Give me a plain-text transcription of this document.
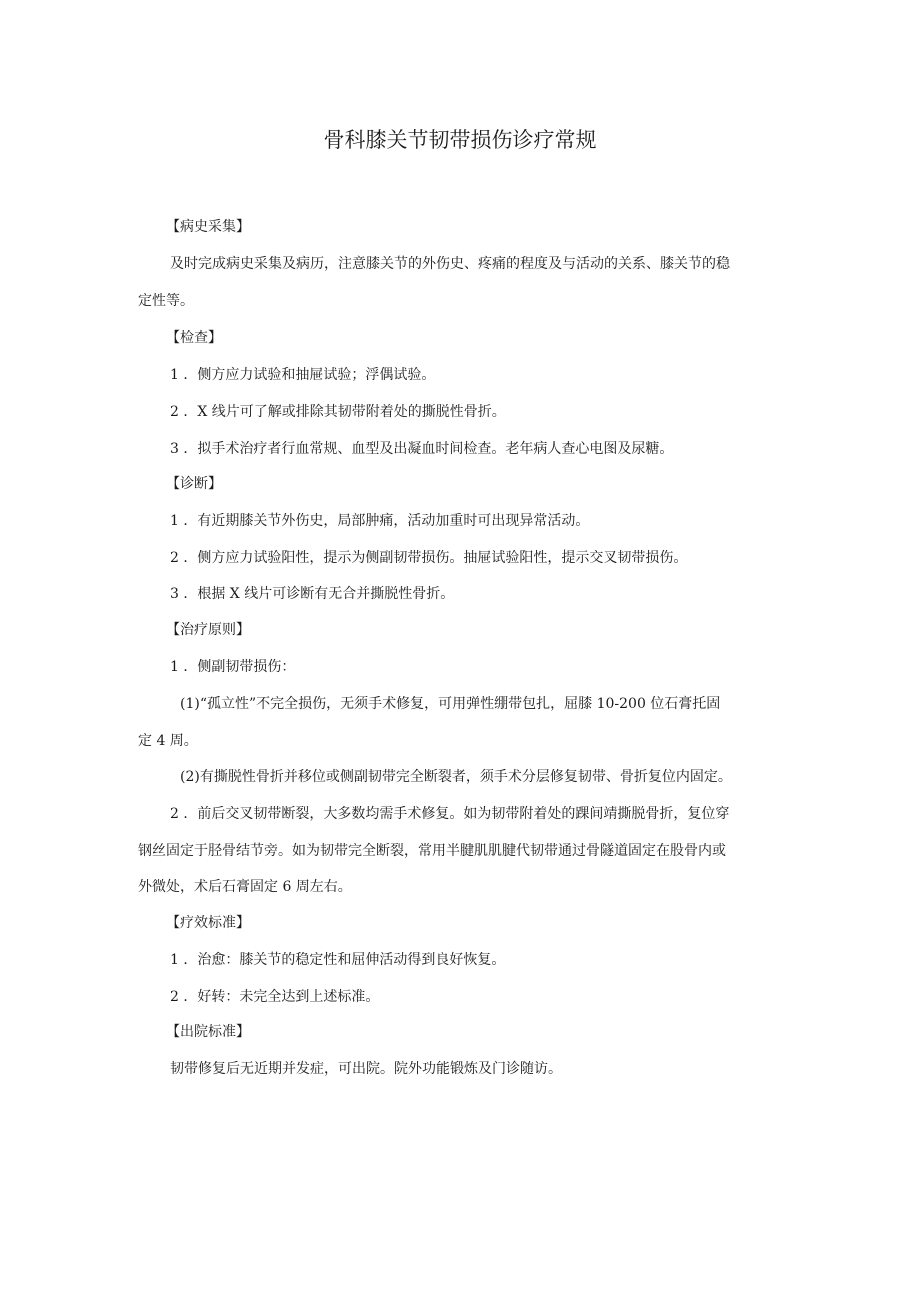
骨科膝关节韧带损伤诊疗常规
【病史采集】
及时完成病史采集及病历，注意膝关节的外伤史、疼痛的程度及与活动的关系、膝关节的稳
定性等。
【检查】
1 ．侧方应力试验和抽屉试验；浮偶试验。
2 ．X 线片可了解或排除其韧带附着处的撕脱性骨折。
3 ．拟手术治疗者行血常规、血型及出凝血时间检查。老年病人查心电图及尿糖。
【诊断】
1 ．有近期膝关节外伤史，局部肿痛，活动加重时可出现异常活动。
2 ．侧方应力试验阳性，提示为侧副韧带损伤。抽屉试验阳性，提示交叉韧带损伤。
3 ．根据 X 线片可诊断有无合并撕脱性骨折。
【治疗原则】
1 ．侧副韧带损伤：
(1)“孤立性”不完全损伤，无须手术修复，可用弹性绷带包扎，屈膝 10-200 位石膏托固
定 4 周。
(2)有撕脱性骨折并移位或侧副韧带完全断裂者，须手术分层修复韧带、骨折复位内固定。
2 ．前后交叉韧带断裂，大多数均需手术修复。如为韧带附着处的踝间靖撕脱骨折，复位穿
钢丝固定于胫骨结节旁。如为韧带完全断裂，常用半腱肌肌腱代韧带通过骨隧道固定在股骨内或
外微处，术后石膏固定 6 周左右。
【疗效标准】
1 ．治愈：膝关节的稳定性和屈伸活动得到良好恢复。
2 ．好转：未完全达到上述标准。
【出院标准】
韧带修复后无近期并发症，可出院。院外功能锻炼及门诊随访。
